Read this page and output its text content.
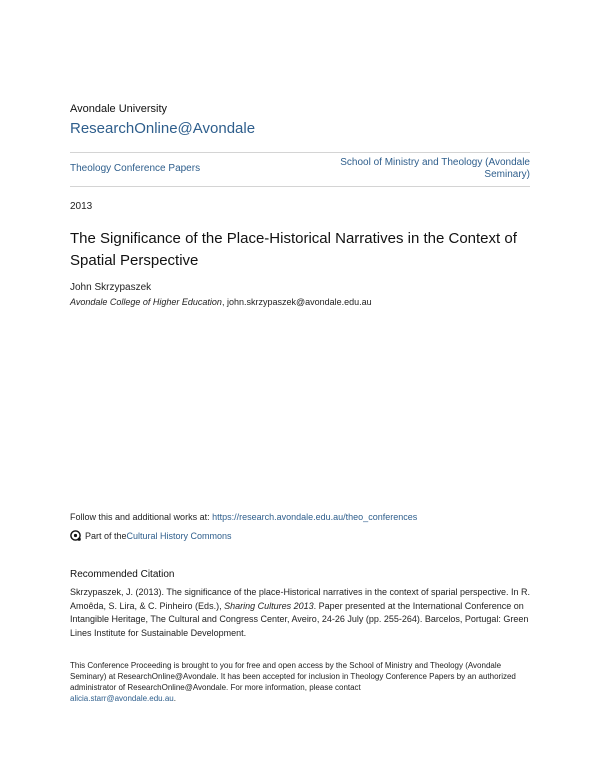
Avondale University
ResearchOnline@Avondale
Theology Conference Papers
School of Ministry and Theology (Avondale Seminary)
2013
The Significance of the Place-Historical Narratives in the Context of Spatial Perspective
John Skrzypaszek
Avondale College of Higher Education, john.skrzypaszek@avondale.edu.au
Follow this and additional works at: https://research.avondale.edu.au/theo_conferences
Part of the Cultural History Commons
Recommended Citation
Skrzypaszek, J. (2013). The significance of the place-Historical narratives in the context of sparial perspective. In R. Amoêda, S. Lira, & C. Pinheiro (Eds.), Sharing Cultures 2013. Paper presented at the International Conference on Intangible Heritage, The Cultural and Congress Center, Aveiro, 24-26 July (pp. 255-264). Barcelos, Portugal: Green Lines Institute for Sustainable Development.
This Conference Proceeding is brought to you for free and open access by the School of Ministry and Theology (Avondale Seminary) at ResearchOnline@Avondale. It has been accepted for inclusion in Theology Conference Papers by an authorized administrator of ResearchOnline@Avondale. For more information, please contact
alicia.starr@avondale.edu.au.
